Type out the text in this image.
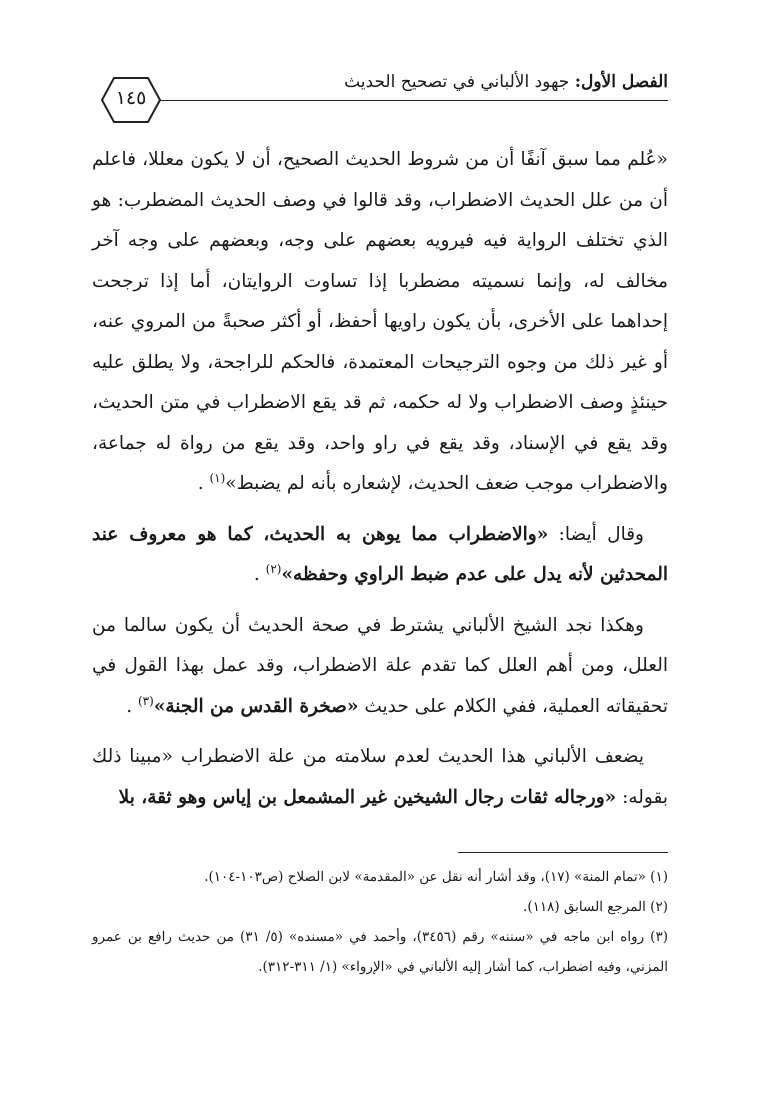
الفصل الأول: جهود الألباني في تصحيح الحديث
١٤٥

«عُلم مما سبق آنفًا أن من شروط الحديث الصحيح، أن لا يكون معللا، فاعلم أن من علل الحديث الاضطراب، وقد قالوا في وصف الحديث المضطرب: هو الذي تختلف الرواية فيه فيرويه بعضهم على وجه، وبعضهم على وجه آخر مخالف له، وإنما نسميته مضطربا إذا تساوت الروايتان، أما إذا ترجحت إحداهما على الأخرى، بأن يكون راويها أحفظ، أو أكثر صحبةً من المروي عنه، أو غير ذلك من وجوه الترجيحات المعتمدة، فالحكم للراجحة، ولا يطلق عليه حينئذٍ وصف الاضطراب ولا له حكمه، ثم قد يقع الاضطراب في متن الحديث، وقد يقع في الإسناد، وقد يقع في راو واحد، وقد يقع من رواة له جماعة، والاضطراب موجب ضعف الحديث، لإشعاره بأنه لم يضبط»$^{(١)}$ .

وقال أيضا: «والاضطراب مما يوهن به الحديث، كما هو معروف عند المحدثين لأنه يدل على عدم ضبط الراوي وحفظه»$^{(٢)}$ .

وهكذا نجد الشيخ الألباني يشترط في صحة الحديث أن يكون سالما من العلل، ومن أهم العلل كما تقدم علة الاضطراب، وقد عمل بهذا القول في تحقيقاته العملية، ففي الكلام على حديث «صخرة القدس من الجنة»$^{(٣)}$ .

يضعف الألباني هذا الحديث لعدم سلامته من علة الاضطراب «مبينا ذلك بقوله: «ورجاله ثقات رجال الشيخين غير المشمعل بن إياس وهو ثقة، بلا

(١) «تمام المنة» (١٧)، وقد أشار أنه نقل عن «المقدمة» لابن الصلاح (ص١٠٣-١٠٤).
(٢) المرجع السابق (١١٨).
(٣) رواه ابن ماجه في «سننه» رقم (٣٤٥٦)، وأحمد في «مسنده» (٥/ ٣١) من حديث رافع بن عمرو المزني، وفيه اضطراب، كما أشار إليه الألباني في «الإرواء» (١/ ٣١١-٣١٢).
